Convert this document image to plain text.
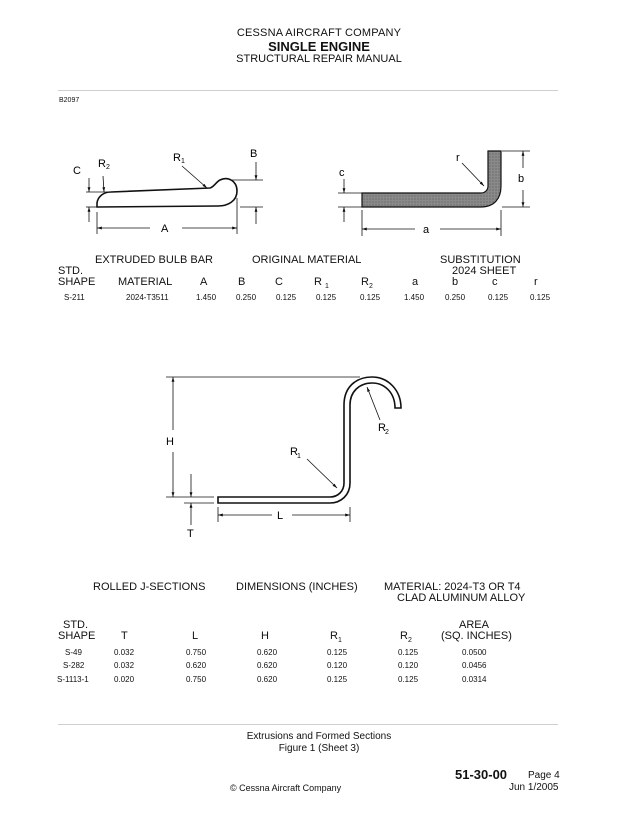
CESSNA AIRCRAFT COMPANY
SINGLE ENGINE
STRUCTURAL REPAIR MANUAL
B2097
C
R 2
R 1
B
A
c
r
b
a
H
T
L
R 1
R 2
EXTRUDED BULB BAR	ORIGINAL MATERIAL	SUBSTITUTION
2024 SHEET
STD.
SHAPE MATERIAL	A	B	C	R $_1$	$R_2$	a	b	c	r
S-211	2024-T3511	1.450 0.250 0.125 0.125	0.125	1.450	0.250	0.125	0.125
ROLLED J-SECTIONS	DIMENSIONS (INCHES) MATERIAL: 2024-T3 OR T4
CLAD ALUMINUM ALLOY
STD.
SHAPE T	L	H	$R_1$	$R_2$
AREA
(SQ. INCHES)
S-49	0.032	0.750	0.620	0.125	0.125	0.0500
S-282	0.032	0.620	0.620	0.120	0.120	0.0456
S-1113-1	0.020	0.750	0.620	0.125	0.125	0.0314
Extrusions and Formed Sections
Figure 1 (Sheet 3)
51-30-00 Page 4
© Cessna Aircraft Company	Jun 1/2005
